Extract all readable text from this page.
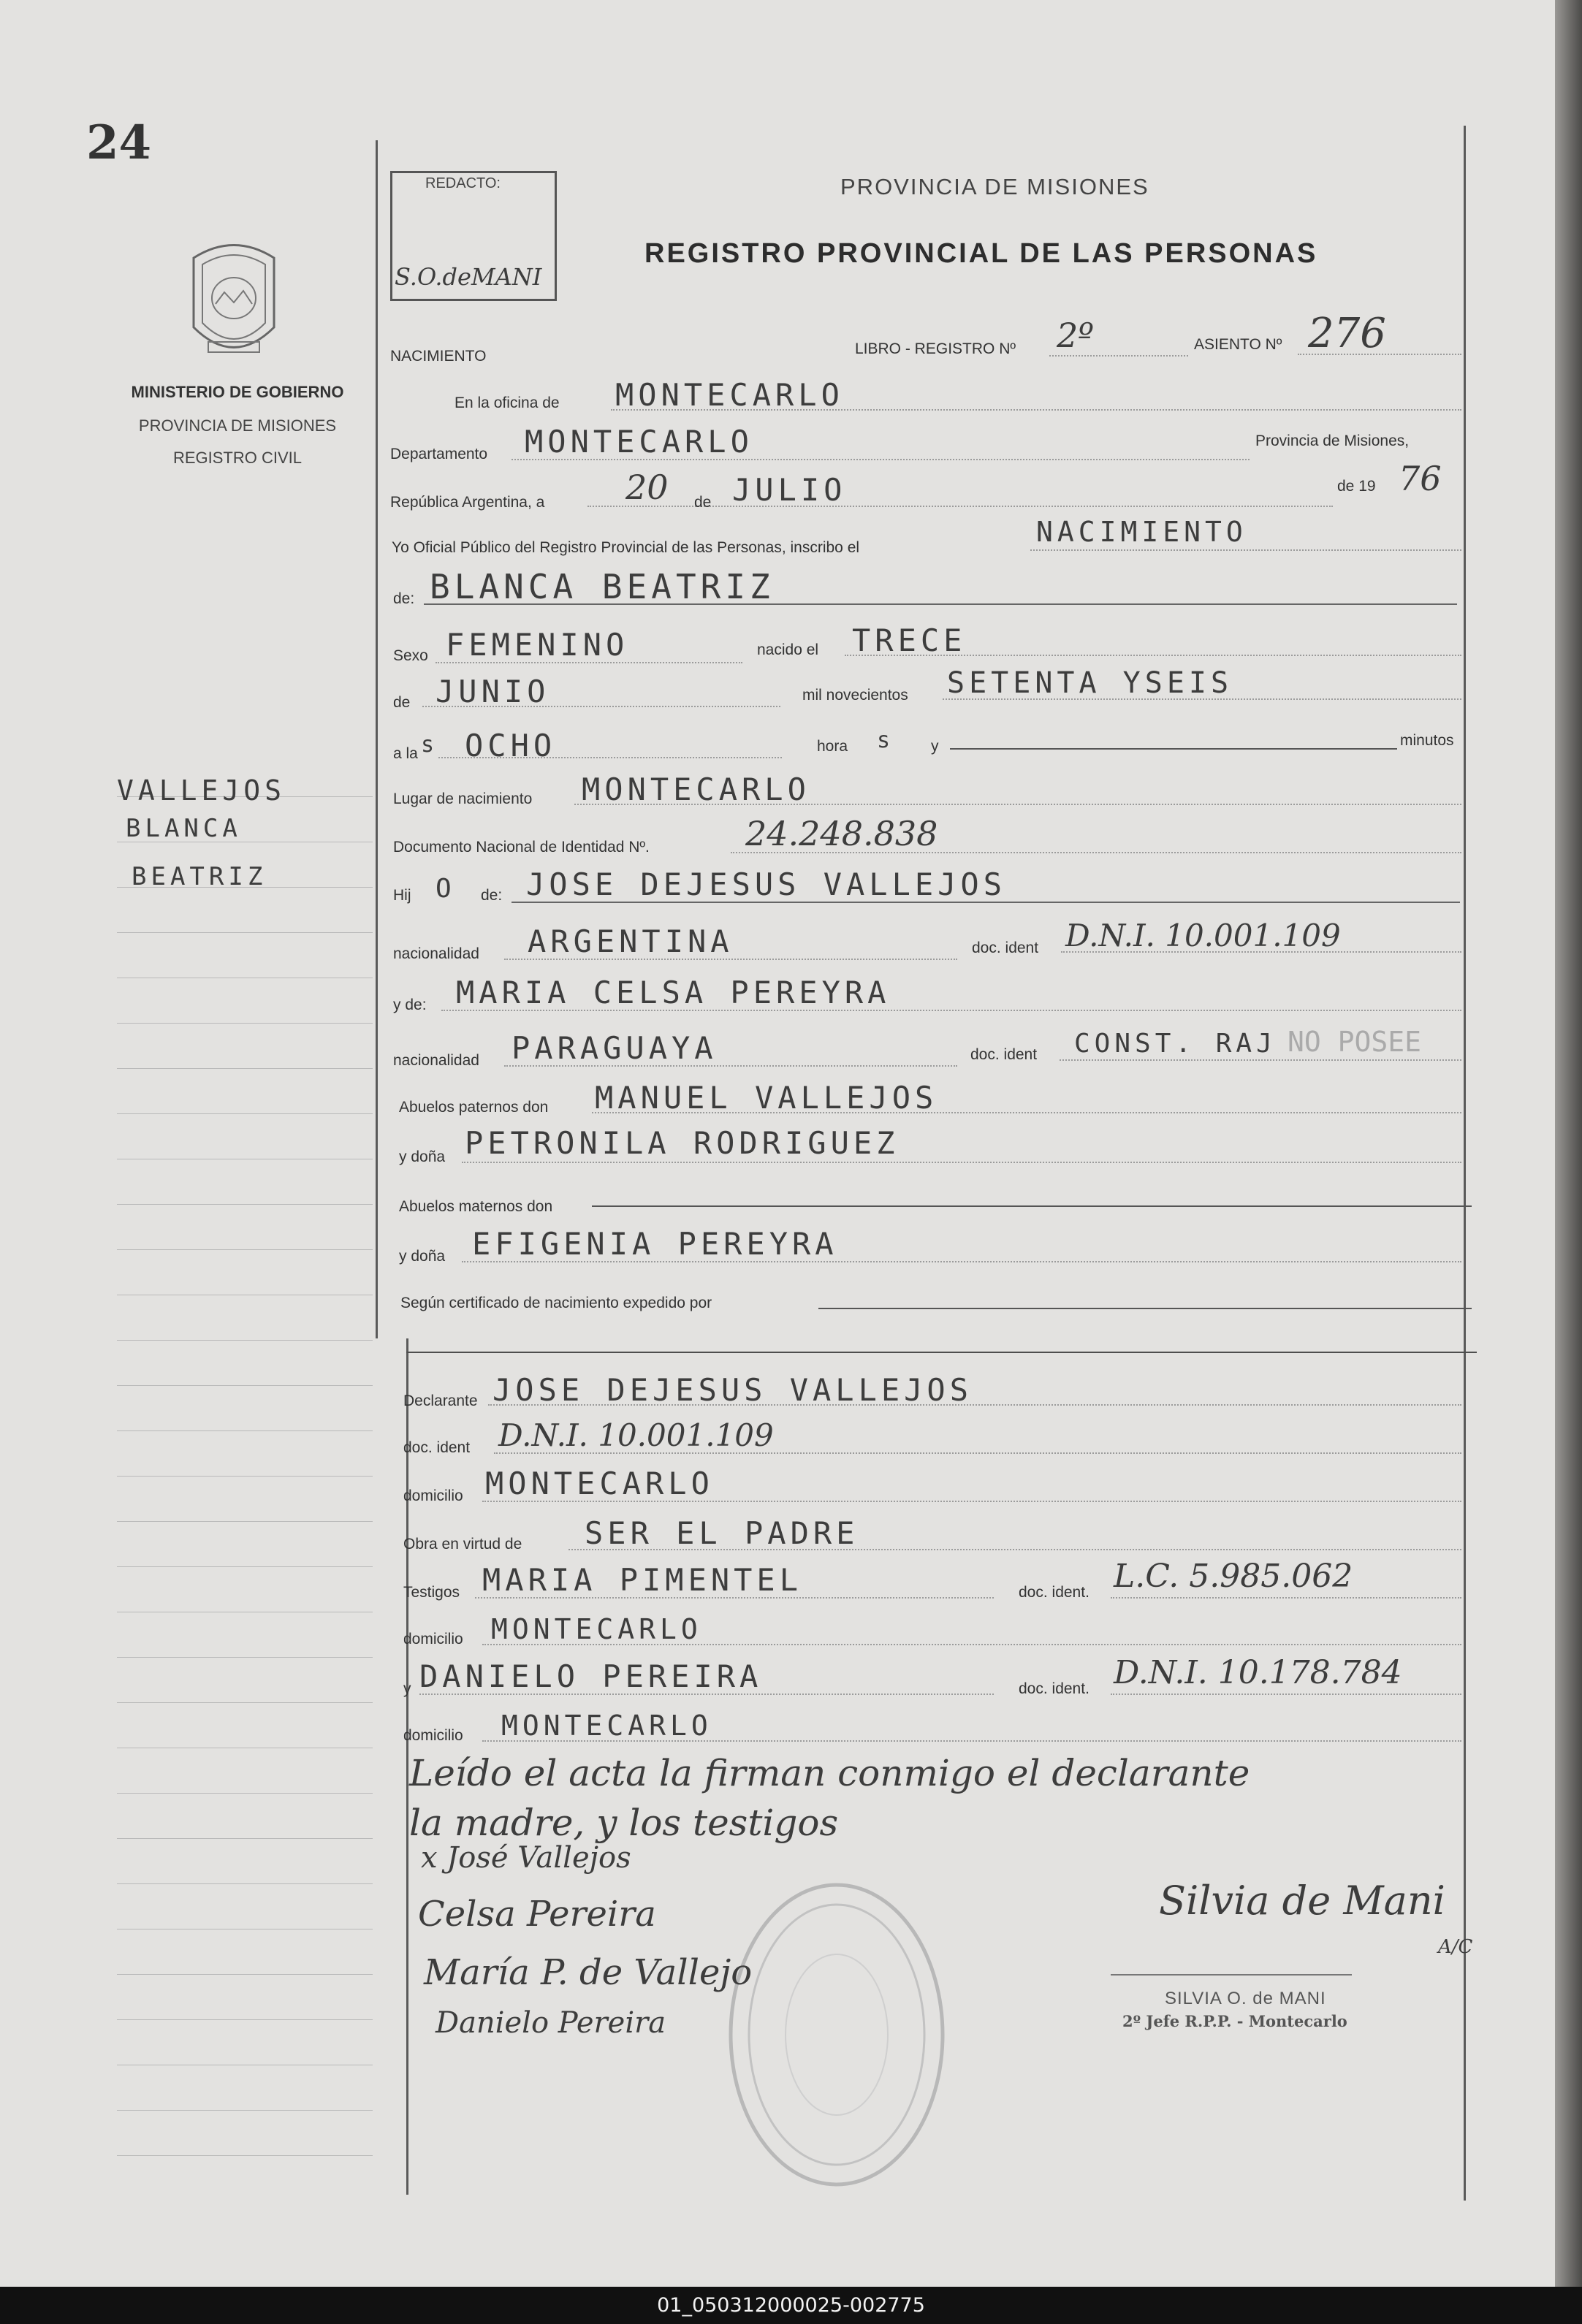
24
MINISTERIO DE GOBIERNO
PROVINCIA DE MISIONES
REGISTRO CIVIL
VALLEJOS
BLANCA
BEATRIZ
PROVINCIA DE MISIONES
REGISTRO PROVINCIAL DE LAS PERSONAS
REDACTO:
S.O.deMANI
NACIMIENTO	LIBRO - REGISTRO Nº 2º	ASIENTO Nº 276
En la oficina de MONTECARLO
Departamento MONTECARLO	Provincia de Misiones,
República Argentina, a 20 de JULIO	de 19 76
Yo Oficial Público del Registro Provincial de las Personas, inscribo el	NACIMIENTO
de: BLANCA BEATRIZ
Sexo FEMENINO	nacido el TRECE
de JUNIO	mil novecientos SETENTA YSEIS
a la s OCHO	hora s y	minutos
Lugar de nacimiento MONTECARLO
Documento Nacional de Identidad Nº.	24.248.838
Hij O de: JOSE DEJESUS VALLEJOS
nacionalidad ARGENTINA	doc. ident D.N.I. 10.001.109
y de: MARIA CELSA PEREYRA
nacionalidad PARAGUAYA	doc. ident CONST. RAJ NO POSEE
Abuelos paternos don MANUEL VALLEJOS
y doña PETRONILA RODRIGUEZ
Abuelos maternos don
y doña EFIGENIA PEREYRA
Según certificado de nacimiento expedido por
Declarante JOSE DEJESUS VALLEJOS
doc. ident D.N.I. 10.001.109
domicilio MONTECARLO
Obra en virtud de SER EL PADRE
Testigos MARIA PIMENTEL	doc. ident. L.C. 5.985.062
domicilio MONTECARLO
y DANIELO PEREIRA	doc. ident. D.N.I. 10.178.784
domicilio MONTECARLO
Leído el acta la firman conmigo el declarante
la madre, y los testigos
x José Vallejos
Celsa Pereira
María P. de Vallejo
Danielo Pereira
Silvia de Mani
A/C
SILVIA O. de MANI
2º Jefe R.P.P. - Montecarlo
01_050312000025-002775
